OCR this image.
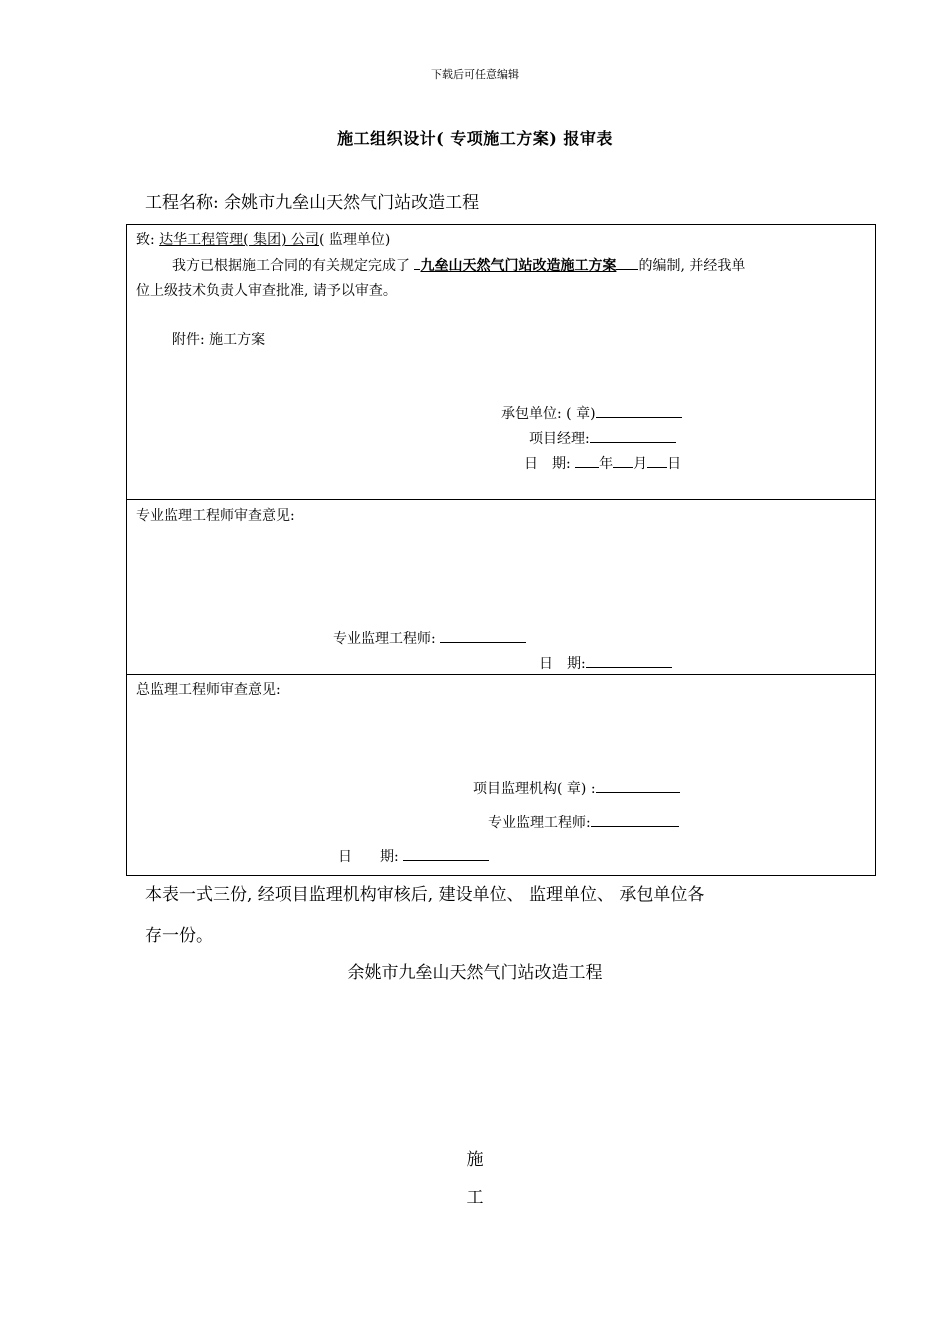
下载后可任意编辑
施工组织设计( 专项施工方案) 报审表
工程名称: 余姚市九垒山天然气门站改造工程
致: 达华工程管理( 集团) 公司( 监理单位)
我方已根据施工合同的有关规定完成了 九垒山天然气门站改造施工方案 的编制, 并经我单
位上级技术负责人审查批准, 请予以审查。
附件: 施工方案
承包单位: ( 章)
项目经理:
日　期: 年 月 日
专业监理工程师审查意见:
专业监理工程师:
日　期:
总监理工程师审查意见:
项目监理机构( 章) :
专业监理工程师:
日　　期:
本表一式三份, 经项目监理机构审核后, 建设单位、 监理单位、 承包单位各
存一份。
余姚市九垒山天然气门站改造工程
施
工
